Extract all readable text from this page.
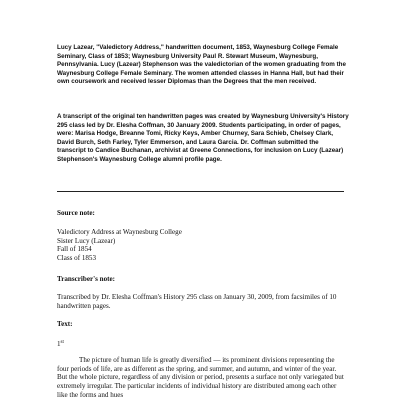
Lucy Lazear, "Valedictory Address," handwritten document, 1853, Waynesburg College Female Seminary, Class of 1853; Waynesburg University Paul R. Stewart Museum, Waynesburg, Pennsylvania. Lucy (Lazear) Stephenson was the valedictorian of the women graduating from the Waynesburg College Female Seminary. The women attended classes in Hanna Hall, but had their own coursework and received lesser Diplomas than the Degrees that the men received.

A transcript of the original ten handwritten pages was created by Waynesburg University's History 295 class led by Dr. Elesha Coffman, 30 January 2009. Students participating, in order of pages, were: Marisa Hodge, Breanne Tomi, Ricky Keys, Amber Churney, Sara Schieb, Chelsey Clark, David Burch, Seth Farley, Tyler Emmerson, and Laura Garcia. Dr. Coffman submitted the transcript to Candice Buchanan, archivist at Greene Connections, for inclusion on Lucy (Lazear) Stephenson's Waynesburg College alumni profile page.

Source note:
Valedictory Address at Waynesburg College
Sister Lucy (Lazear)
Fall of 1854
Class of 1853
Transcriber's note:

Transcribed by Dr. Elesha Coffman's History 295 class on January 30, 2009, from facsimiles of 10 handwritten pages.

Text:
1st

The picture of human life is greatly diversified — its prominent divisions representing the four periods of life, are as different as the spring, and summer, and autumn, and winter of the year. But the whole picture, regardless of any division or period, presents a surface not only variegated but extremely irregular. The particular incidents of individual history are distributed among each other like the forms and hues
